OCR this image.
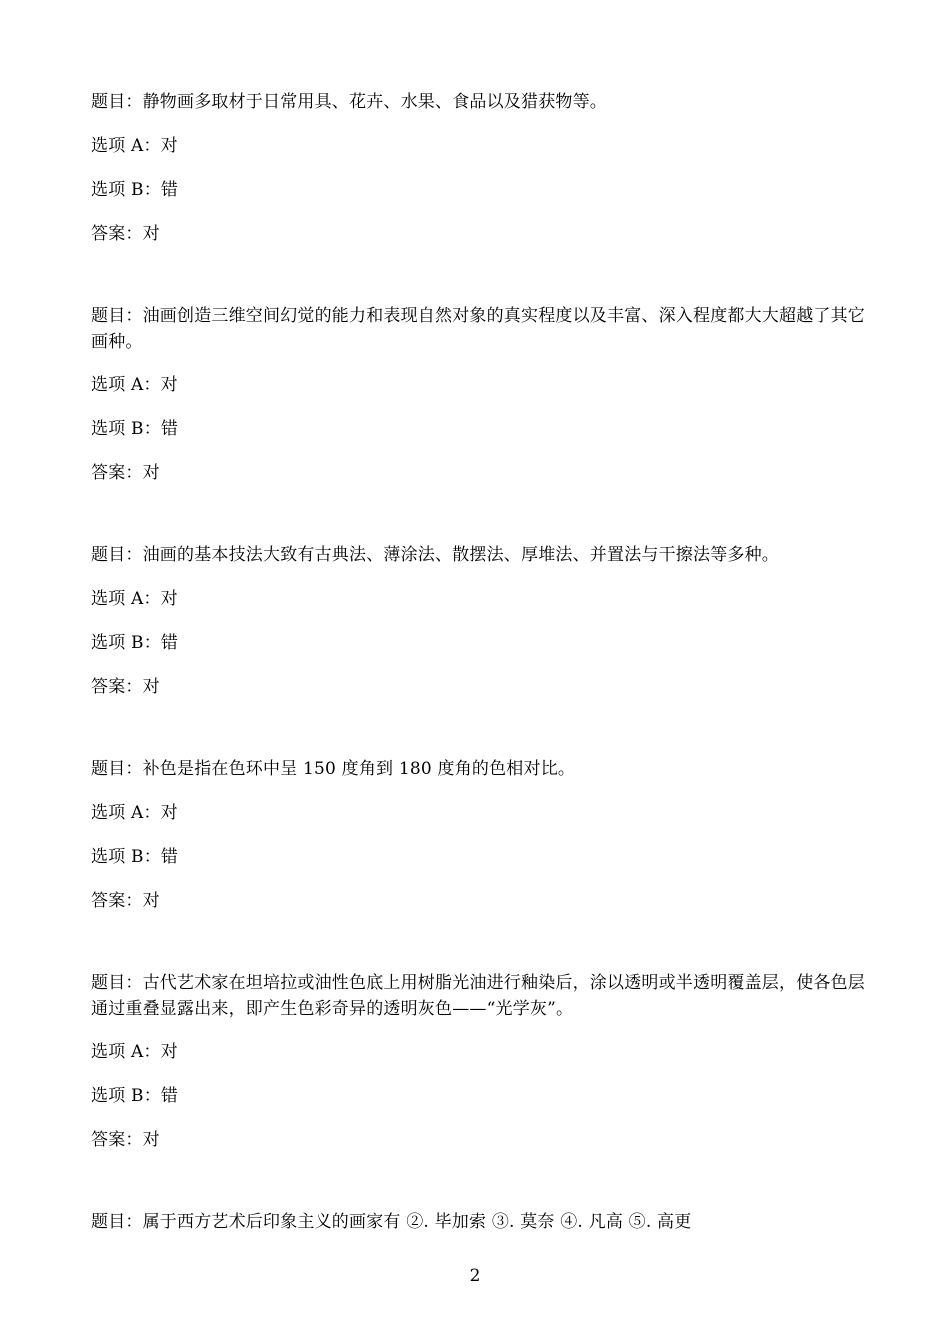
题目：静物画多取材于日常用具、花卉、水果、食品以及猎获物等。
选项 A：对
选项 B：错
答案：对
题目：油画创造三维空间幻觉的能力和表现自然对象的真实程度以及丰富、深入程度都大大超越了其它画种。
选项 A：对
选项 B：错
答案：对
题目：油画的基本技法大致有古典法、薄涂法、散摆法、厚堆法、并置法与干擦法等多种。
选项 A：对
选项 B：错
答案：对
题目：补色是指在色环中呈 150 度角到 180 度角的色相对比。
选项 A：对
选项 B：错
答案：对
题目：古代艺术家在坦培拉或油性色底上用树脂光油进行釉染后，涂以透明或半透明覆盖层，使各色层通过重叠显露出来，即产生色彩奇异的透明灰色——“光学灰”。
选项 A：对
选项 B：错
答案：对
题目：属于西方艺术后印象主义的画家有 ②. 毕加索 ③. 莫奈 ④. 凡高 ⑤. 高更
2
